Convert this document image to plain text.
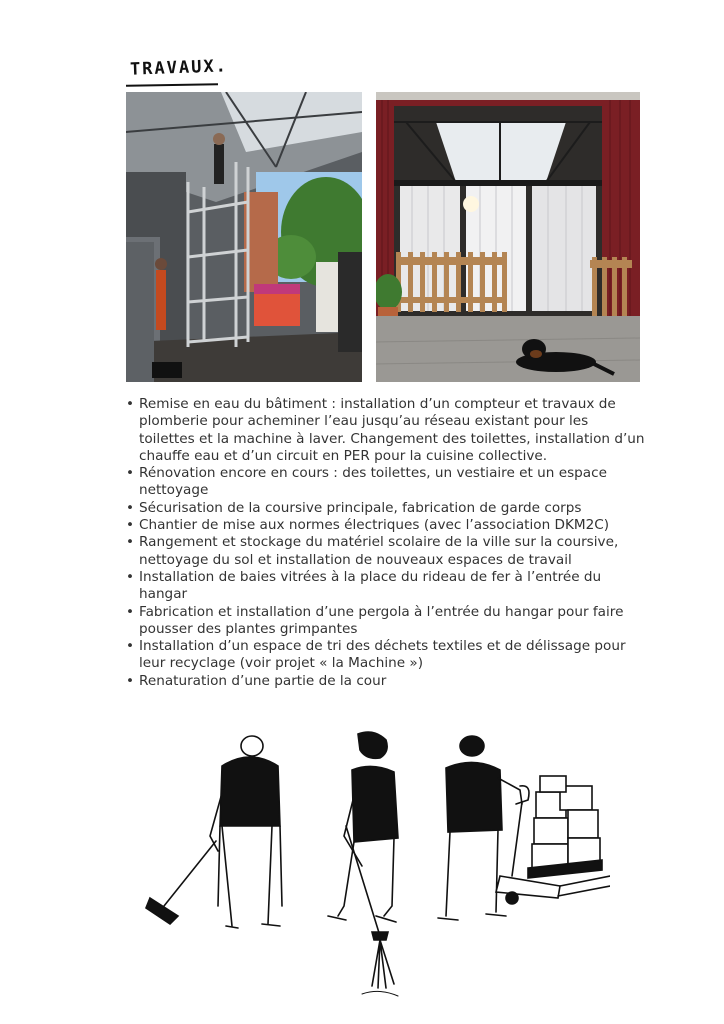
TRAVAUX.
• Remise en eau du bâtiment : installation d’un compteur et travaux de plomberie pour acheminer l’eau jusqu’au réseau existant pour les toilettes et la machine à laver. Changement des toilettes, installation d’un chauffe eau et d’un circuit en PER pour la cuisine collective.
• Rénovation encore en cours : des toilettes, un vestiaire et un espace nettoyage
• Sécurisation de la coursive principale, fabrication de garde corps
• Chantier de mise aux normes électriques (avec l’association DKM2C)
• Rangement et stockage du matériel scolaire de la ville sur la coursive, nettoyage du sol et installation de nouveaux espaces de travail
• Installation de baies vitrées à la place du rideau de fer à l’entrée du hangar
• Fabrication et installation d’une pergola à l’entrée du hangar pour faire pousser des plantes grimpantes
• Installation d’un espace de tri des déchets textiles et de délissage pour leur recyclage (voir projet « la Machine »)
• Renaturation d’une partie de la cour
